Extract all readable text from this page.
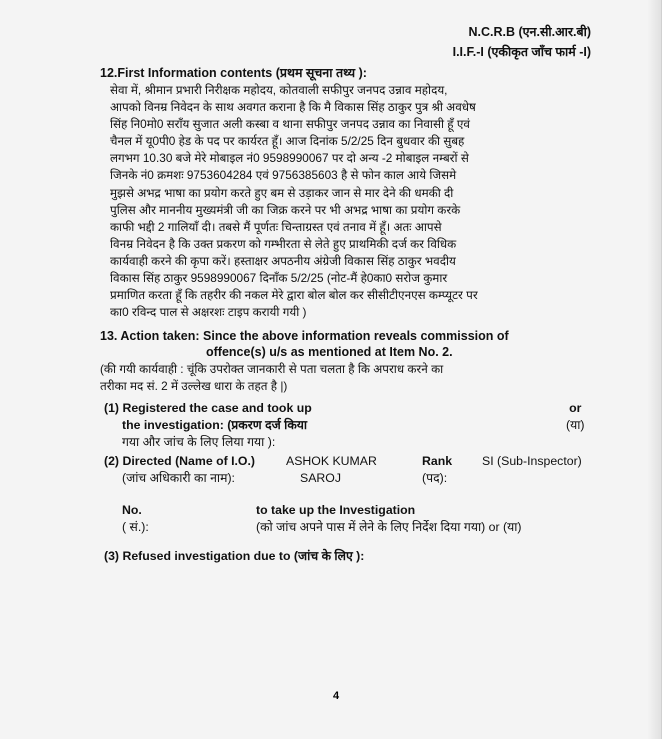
N.C.R.B (एन.सी.आर.बी)
I.I.F.-I (एकीकृत जाँच फार्म -I)
12.First Information contents (प्रथम सूचना तथ्य ):
सेवा में, श्रीमान प्रभारी निरीक्षक महोदय, कोतवाली सफीपुर जनपद उन्नाव महोदय,
आपको विनम्र निवेदन के साथ अवगत कराना है कि मै विकास सिंह ठाकुर पुत्र श्री अवधेष
सिंह नि0मो0 सराँय सुजात अली कस्बा व थाना सफीपुर जनपद उन्नाव का निवासी हूँ एवं
चैनल में यू0पी0 हेड के पद पर कार्यरत हूँ। आज दिनांक 5/2/25 दिन बुधवार की सुबह
लगभग 10.30 बजे मेरे मोबाइल नं0 9598990067 पर दो अन्य -2 मोबाइल नम्बरों से
जिनके नं0 क्रमशः 9753604284 एवं 9756385603 है से फोन काल आये जिसमे
मुझसे अभद्र भाषा का प्रयोग करते हुए बम से उड़ाकर जान से मार देने की धमकी दी
पुलिस और माननीय मुख्यमंत्री जी का जिक्र करने पर भी अभद्र भाषा का प्रयोग करके
काफी भद्दी 2 गालियाँ दी। तबसे मैं पूर्णतः चिन्ताग्रस्त एवं तनाव में हूँ। अतः आपसे
विनम्र निवेदन है कि उक्त प्रकरण को गम्भीरता से लेते हुए प्राथमिकी दर्ज कर विधिक
कार्यवाही करने की कृपा करें। हस्ताक्षर अपठनीय अंग्रेजी विकास सिंह ठाकुर भवदीय
विकास सिंह ठाकुर 9598990067 दिनाँक 5/2/25 (नोट-मैं हे0का0 सरोज कुमार
प्रमाणित करता हूँ कि तहरीर की नकल मेरे द्वारा बोल बोल कर सीसीटीएनएस कम्प्यूटर पर
का0 रविन्द पाल से अक्षरशः टाइप करायी गयी )
13. Action taken: Since the above information reveals commission of
offence(s) u/s as mentioned at Item No. 2.
(की गयी कार्यवाही : चूंकि उपरोक्त जानकारी से पता चलता है कि अपराध करने का
तरीका मद सं. 2 में उल्लेख धारा के तहत है |)
(1) Registered the case and took up
the investigation: (प्रकरण दर्ज किया
गया और जांच के लिए लिया गया ):
or
(या)
(2) Directed (Name of I.O.)
(जांच अधिकारी का नाम):
ASHOK KUMAR
SAROJ
Rank
(पद):
SI (Sub-Inspector)
No.
( सं.):
to take up the Investigation
(को जांच अपने पास में लेने के लिए निर्देश दिया गया) or (या)
(3) Refused investigation due to (जांच के लिए ):
4
